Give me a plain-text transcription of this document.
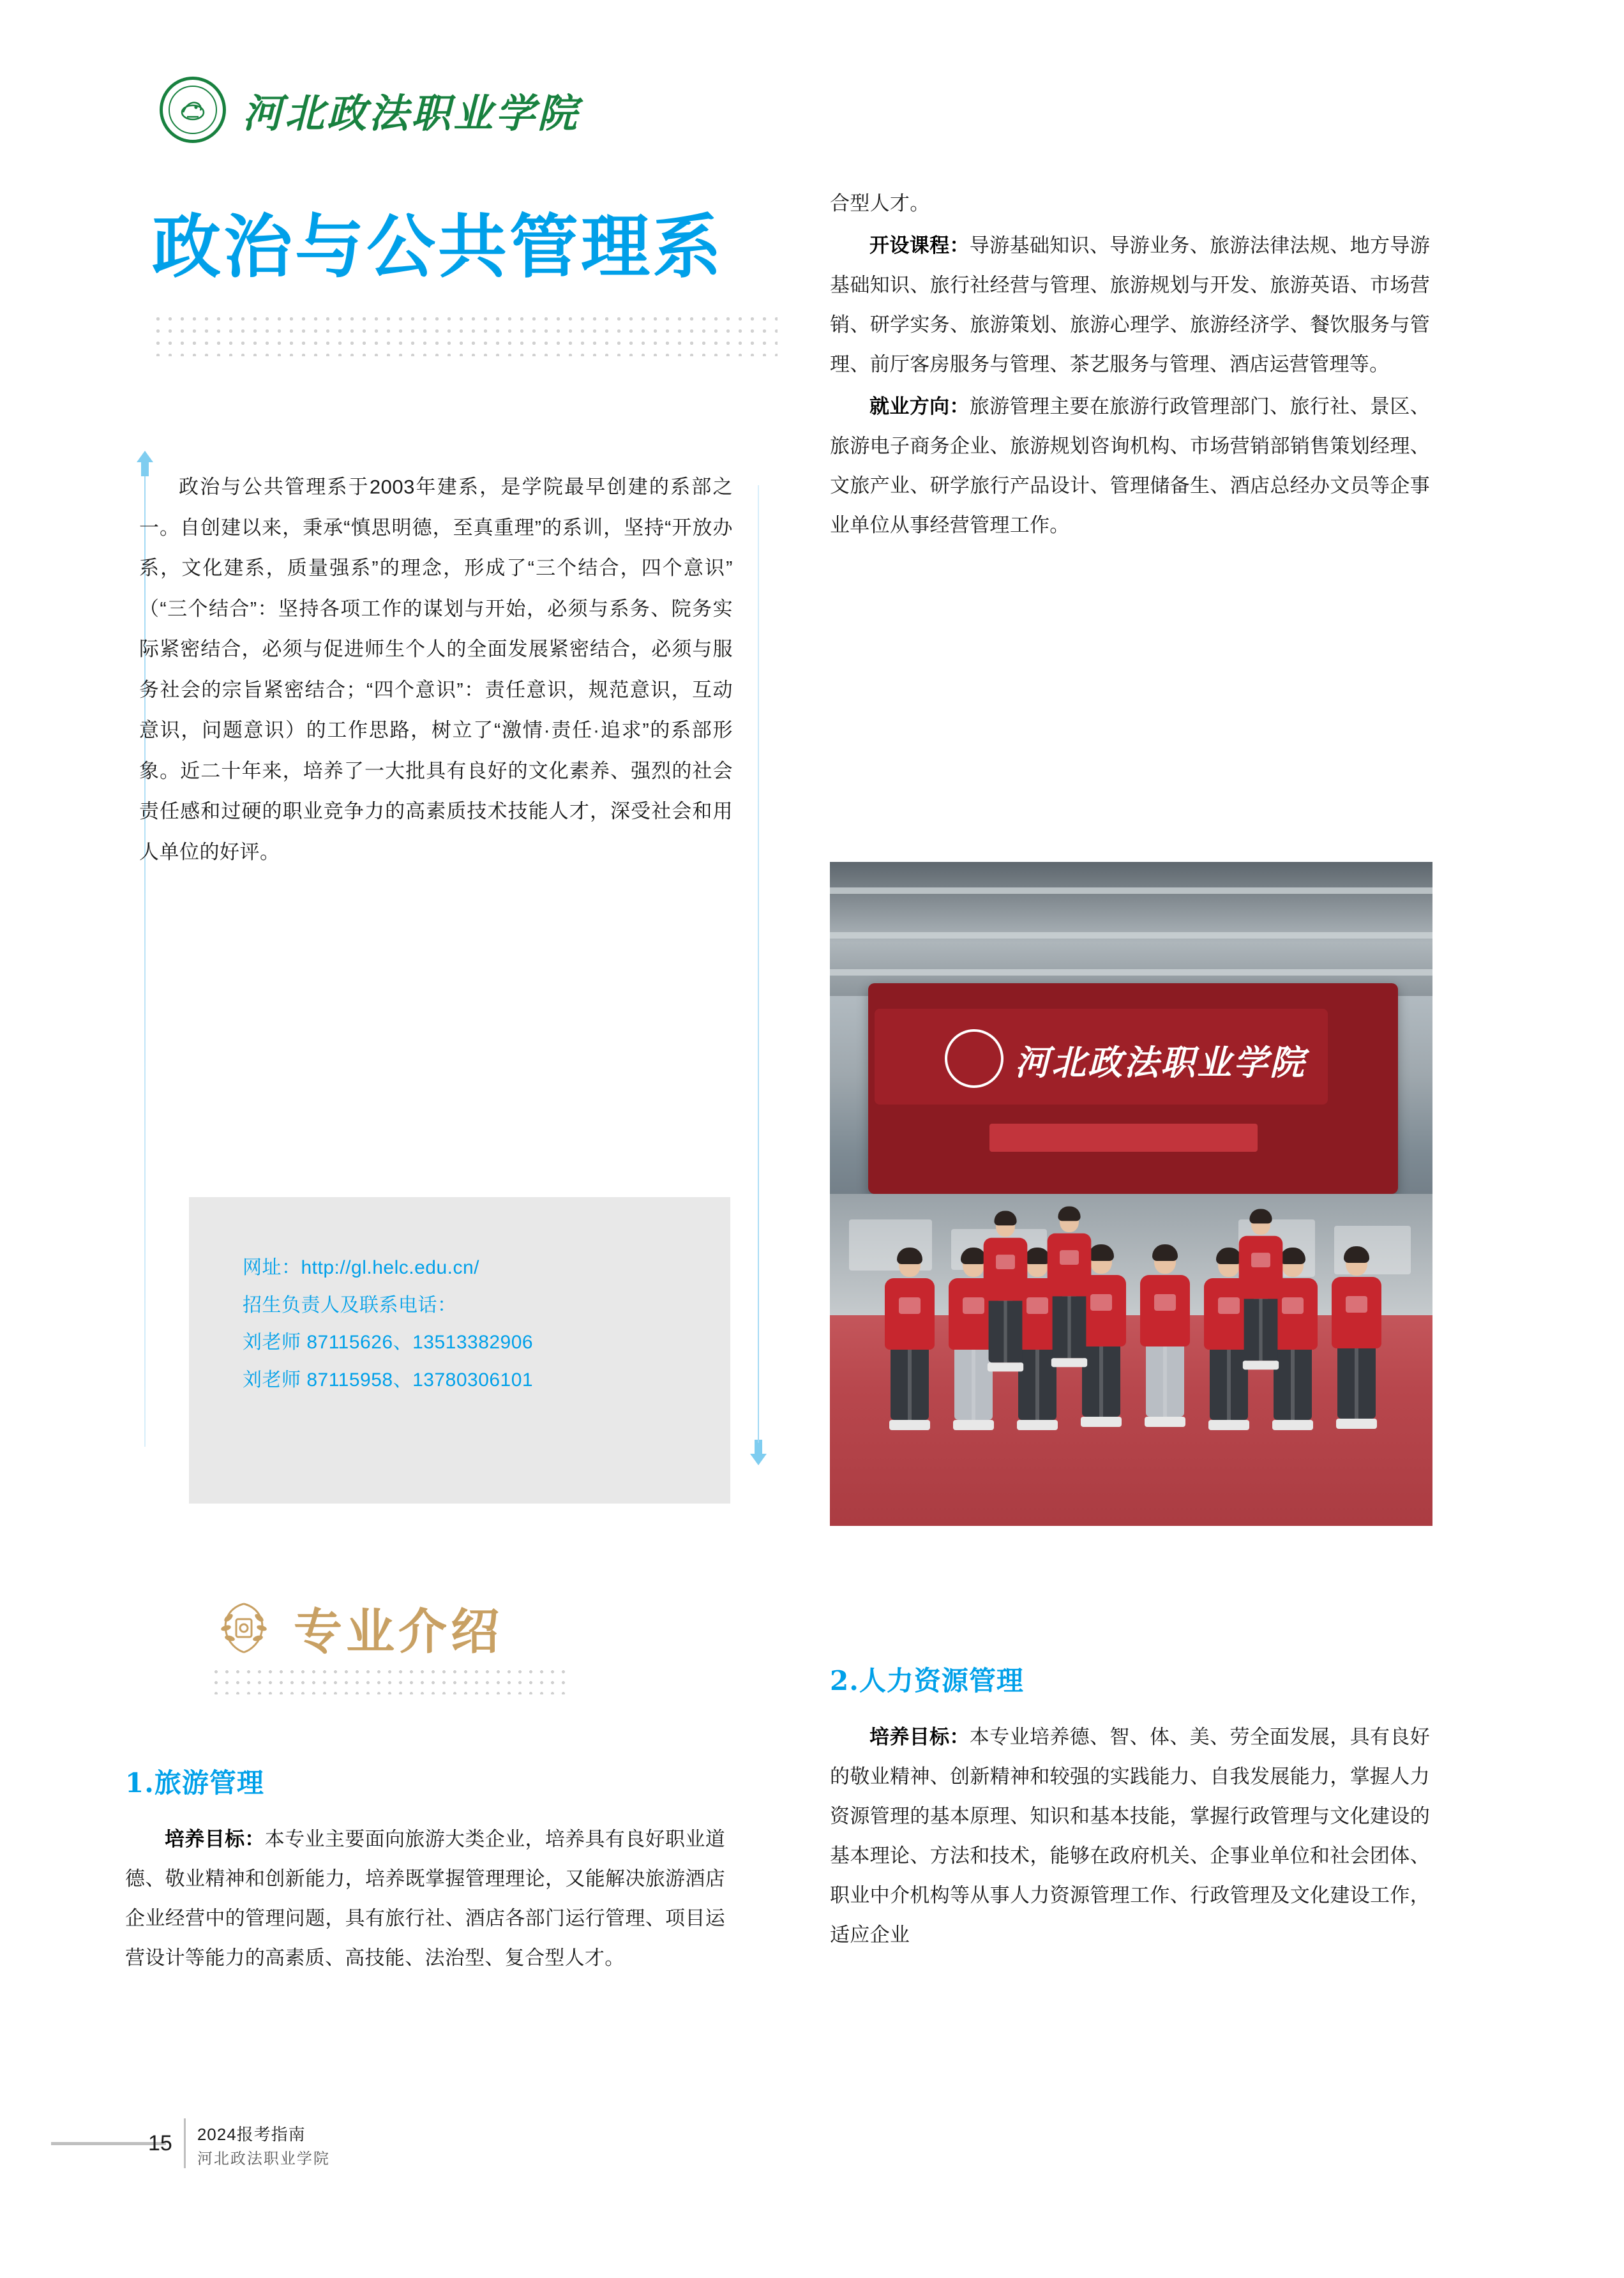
河北政法职业学院
政治与公共管理系

政治与公共管理系于2003年建系，是学院最早创建的系部之一。自创建以来，秉承“慎思明德，至真重理”的系训，坚持“开放办系，文化建系，质量强系”的理念，形成了“三个结合，四个意识”（“三个结合”：坚持各项工作的谋划与开始，必须与系务、院务实际紧密结合，必须与促进师生个人的全面发展紧密结合，必须与服务社会的宗旨紧密结合；“四个意识”：责任意识，规范意识，互动意识，问题意识）的工作思路，树立了“激情·责任·追求”的系部形象。近二十年来，培养了一大批具有良好的文化素养、强烈的社会责任感和过硬的职业竞争力的高素质技术技能人才，深受社会和用人单位的好评。

网址：http://gl.helc.edu.cn/
招生负责人及联系电话：
刘老师 87115626、13513382906
刘老师 87115958、13780306101
专业介绍
1.旅游管理

培养目标：本专业主要面向旅游大类企业，培养具有良好职业道德、敬业精神和创新能力，培养既掌握管理理论，又能解决旅游酒店企业经营中的管理问题，具有旅行社、酒店各部门运行管理、项目运营设计等能力的高素质、高技能、法治型、复合型人才。

合型人才。

开设课程：导游基础知识、导游业务、旅游法律法规、地方导游基础知识、旅行社经营与管理、旅游规划与开发、旅游英语、市场营销、研学实务、旅游策划、旅游心理学、旅游经济学、餐饮服务与管理、前厅客房服务与管理、茶艺服务与管理、酒店运营管理等。

就业方向：旅游管理主要在旅游行政管理部门、旅行社、景区、旅游电子商务企业、旅游规划咨询机构、市场营销部销售策划经理、文旅产业、研学旅行产品设计、管理储备生、酒店总经办文员等企事业单位从事经营管理工作。

河北政法职业学院
2.人力资源管理

培养目标：本专业培养德、智、体、美、劳全面发展，具有良好的敬业精神、创新精神和较强的实践能力、自我发展能力，掌握人力资源管理的基本原理、知识和基本技能，掌握行政管理与文化建设的基本理论、方法和技术，能够在政府机关、企事业单位和社会团体、职业中介机构等从事人力资源管理工作、行政管理及文化建设工作，适应企业

15 2024报考指南
河北政法职业学院
